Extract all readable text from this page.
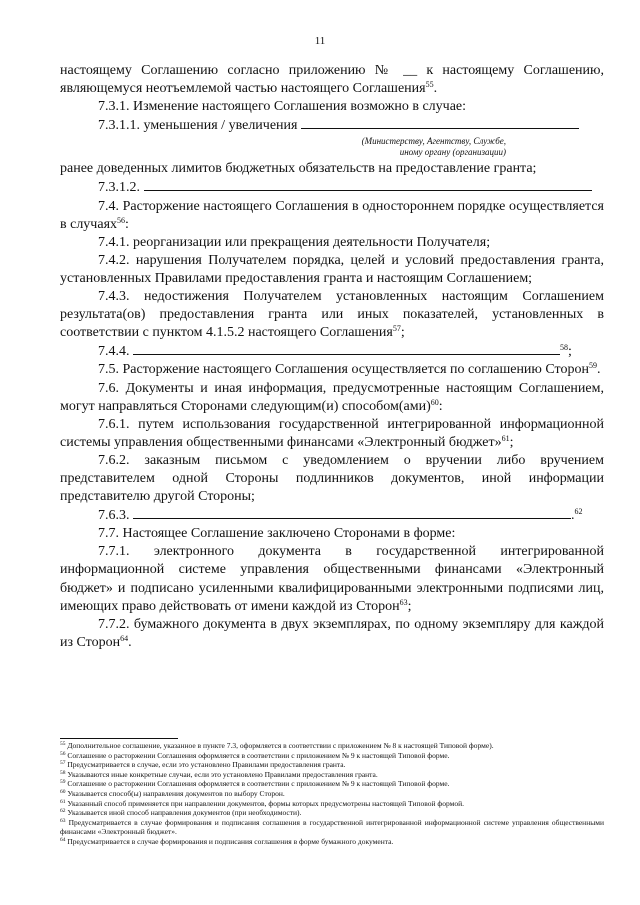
11

настоящему Соглашению согласно приложению № __ к настоящему Соглашению, являющемуся неотъемлемой частью настоящего Соглашения$^{55}$.

7.3.1. Изменение настоящего Соглашения возможно в случае:

7.3.1.1. уменьшения / увеличения

(Министерству, Агентству, Службе,
иному органу (организации)

ранее доведенных лимитов бюджетных обязательств на предоставление гранта;

7.3.1.2.

7.4. Расторжение настоящего Соглашения в одностороннем порядке осуществляется в случаях$^{56}$:

7.4.1. реорганизации или прекращения деятельности Получателя;

7.4.2. нарушения Получателем порядка, целей и условий предоставления гранта, установленных Правилами предоставления гранта и настоящим Соглашением;

7.4.3. недостижения Получателем установленных настоящим Соглашением результата(ов) предоставления гранта или иных показателей, установленных в соответствии с пунктом 4.1.5.2 настоящего Соглашения$^{57}$;

7.4.4.	$^{58}$;

7.5. Расторжение настоящего Соглашения осуществляется по соглашению Сторон$^{59}$.

7.6. Документы и иная информация, предусмотренные настоящим Соглашением, могут направляться Сторонами следующим(и) способом(ами)$^{60}$:

7.6.1. путем использования государственной интегрированной информационной системы управления общественными финансами «Электронный бюджет»$^{61}$;

7.6.2. заказным письмом с уведомлением о вручении либо вручением представителем одной Стороны подлинников документов, иной информации представителю другой Стороны;

7.6.3.	.$^{62}$

7.7. Настоящее Соглашение заключено Сторонами в форме:

7.7.1. электронного документа в государственной интегрированной информационной системе управления общественными финансами «Электронный бюджет» и подписано усиленными квалифицированными электронными подписями лиц, имеющих право действовать от имени каждой из Сторон$^{63}$;

7.7.2. бумажного документа в двух экземплярах, по одному экземпляру для каждой из Сторон$^{64}$.

$^{55}$ Дополнительное соглашение, указанное в пункте 7.3, оформляется в соответствии с приложением № 8 к настоящей Типовой форме).

$^{56}$ Соглашение о расторжении Соглашения оформляется в соответствии с приложением № 9 к настоящей Типовой форме.

$^{57}$ Предусматривается в случае, если это установлено Правилами предоставления гранта.

$^{58}$ Указываются иные конкретные случаи, если это установлено Правилами предоставления гранта.

$^{59}$ Соглашение о расторжении Соглашения оформляется в соответствии с приложением № 9 к настоящей Типовой форме.

$^{60}$ Указывается способ(ы) направления документов по выбору Сторон.

$^{61}$ Указанный способ применяется при направлении документов, формы которых предусмотрены настоящей Типовой формой.

$^{62}$ Указывается иной способ направления документов (при необходимости).

$^{63}$ Предусматривается в случае формирования и подписания соглашения в государственной интегрированной информационной системе управления общественными финансами «Электронный бюджет».

$^{64}$ Предусматривается в случае формирования и подписания соглашения в форме бумажного документа.
